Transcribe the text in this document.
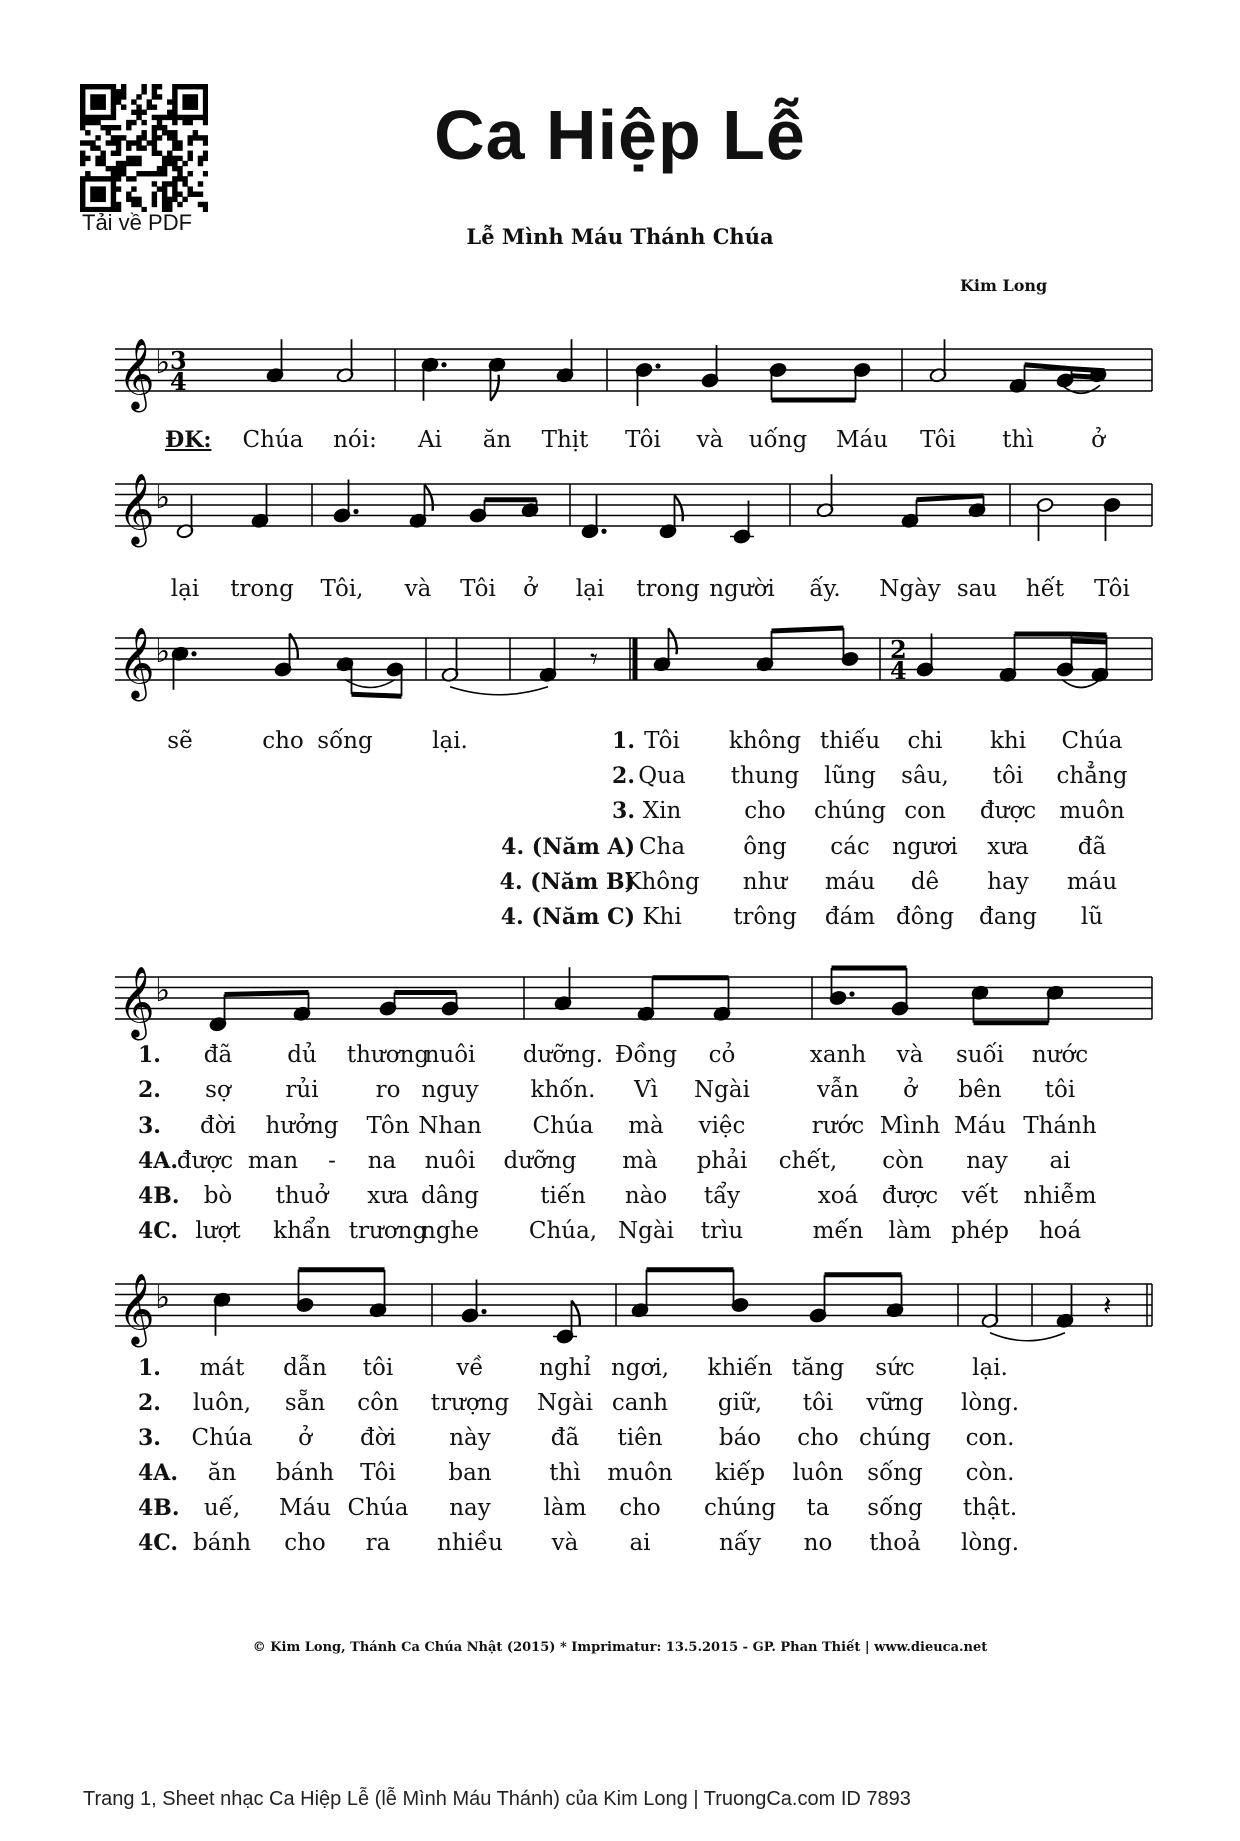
Tải về PDF
Ca Hiệp Lễ
Lễ Mình Máu Thánh Chúa
Kim Long
𝄞 ♭ 3
4
𝄞 ♭
𝄞 ♭	𝄾	2
4
𝄞 ♭
𝄞 ♭	𝄽
ĐK: Chúa nói: Ai ăn Thịt Tôi và uống Máu Tôi thì ở
lại trong Tôi, và Tôi ở lại trong người ấy. Ngày sau hết Tôi
sẽ	cho sống	lại.	1. Tôi không thiếu chi khi Chúa
2. Qua thung lũng sâu, tôi chẳng
3. Xin	cho chúng con được muôn
4. (Năm A) Cha	ông các ngươi xưa đã
4. (Năm B)
Không như máu dê hay máu
4. (Năm C) Khi trông đám đông đang lũ
1. đã dủ thương
nuôi dưỡng. Đồng cỏ	xanh và suối nước
2. sợ rủi ro nguy khốn. Vì Ngài	vẫn ở bên tôi
3. đời hưởng Tôn Nhan Chúa mà việc	rước Mình Máu Thánh
4A.
được man - na nuôi dưỡng mà phải chết, còn nay ai
4B. bò thuở xưa dâng	tiến nào tẩy	xoá được vết nhiễm
4C. lượt khẩn trương
nghe Chúa, Ngài trìu	mến làm phép hoá
1. mát dẫn tôi	về nghỉ ngơi, khiến tăng sức lại.
2. luôn, sẵn côn trượng Ngài canh giữ, tôi vững lòng.
3. Chúa ở đời này	đã tiên báo cho chúng con.
4A. ăn bánh Tôi ban	thì muôn kiếp luôn sống còn.
4B. uế, Máu Chúa nay làm cho chúng ta sống thật.
4C. bánh cho ra nhiều và ai	nấy no thoả lòng.
© Kim Long, Thánh Ca Chúa Nhật (2015) * Imprimatur: 13.5.2015 - GP. Phan Thiết | www.dieuca.net
Trang 1, Sheet nhạc Ca Hiệp Lễ (lễ Mình Máu Thánh) của Kim Long | TruongCa.com ID 7893
